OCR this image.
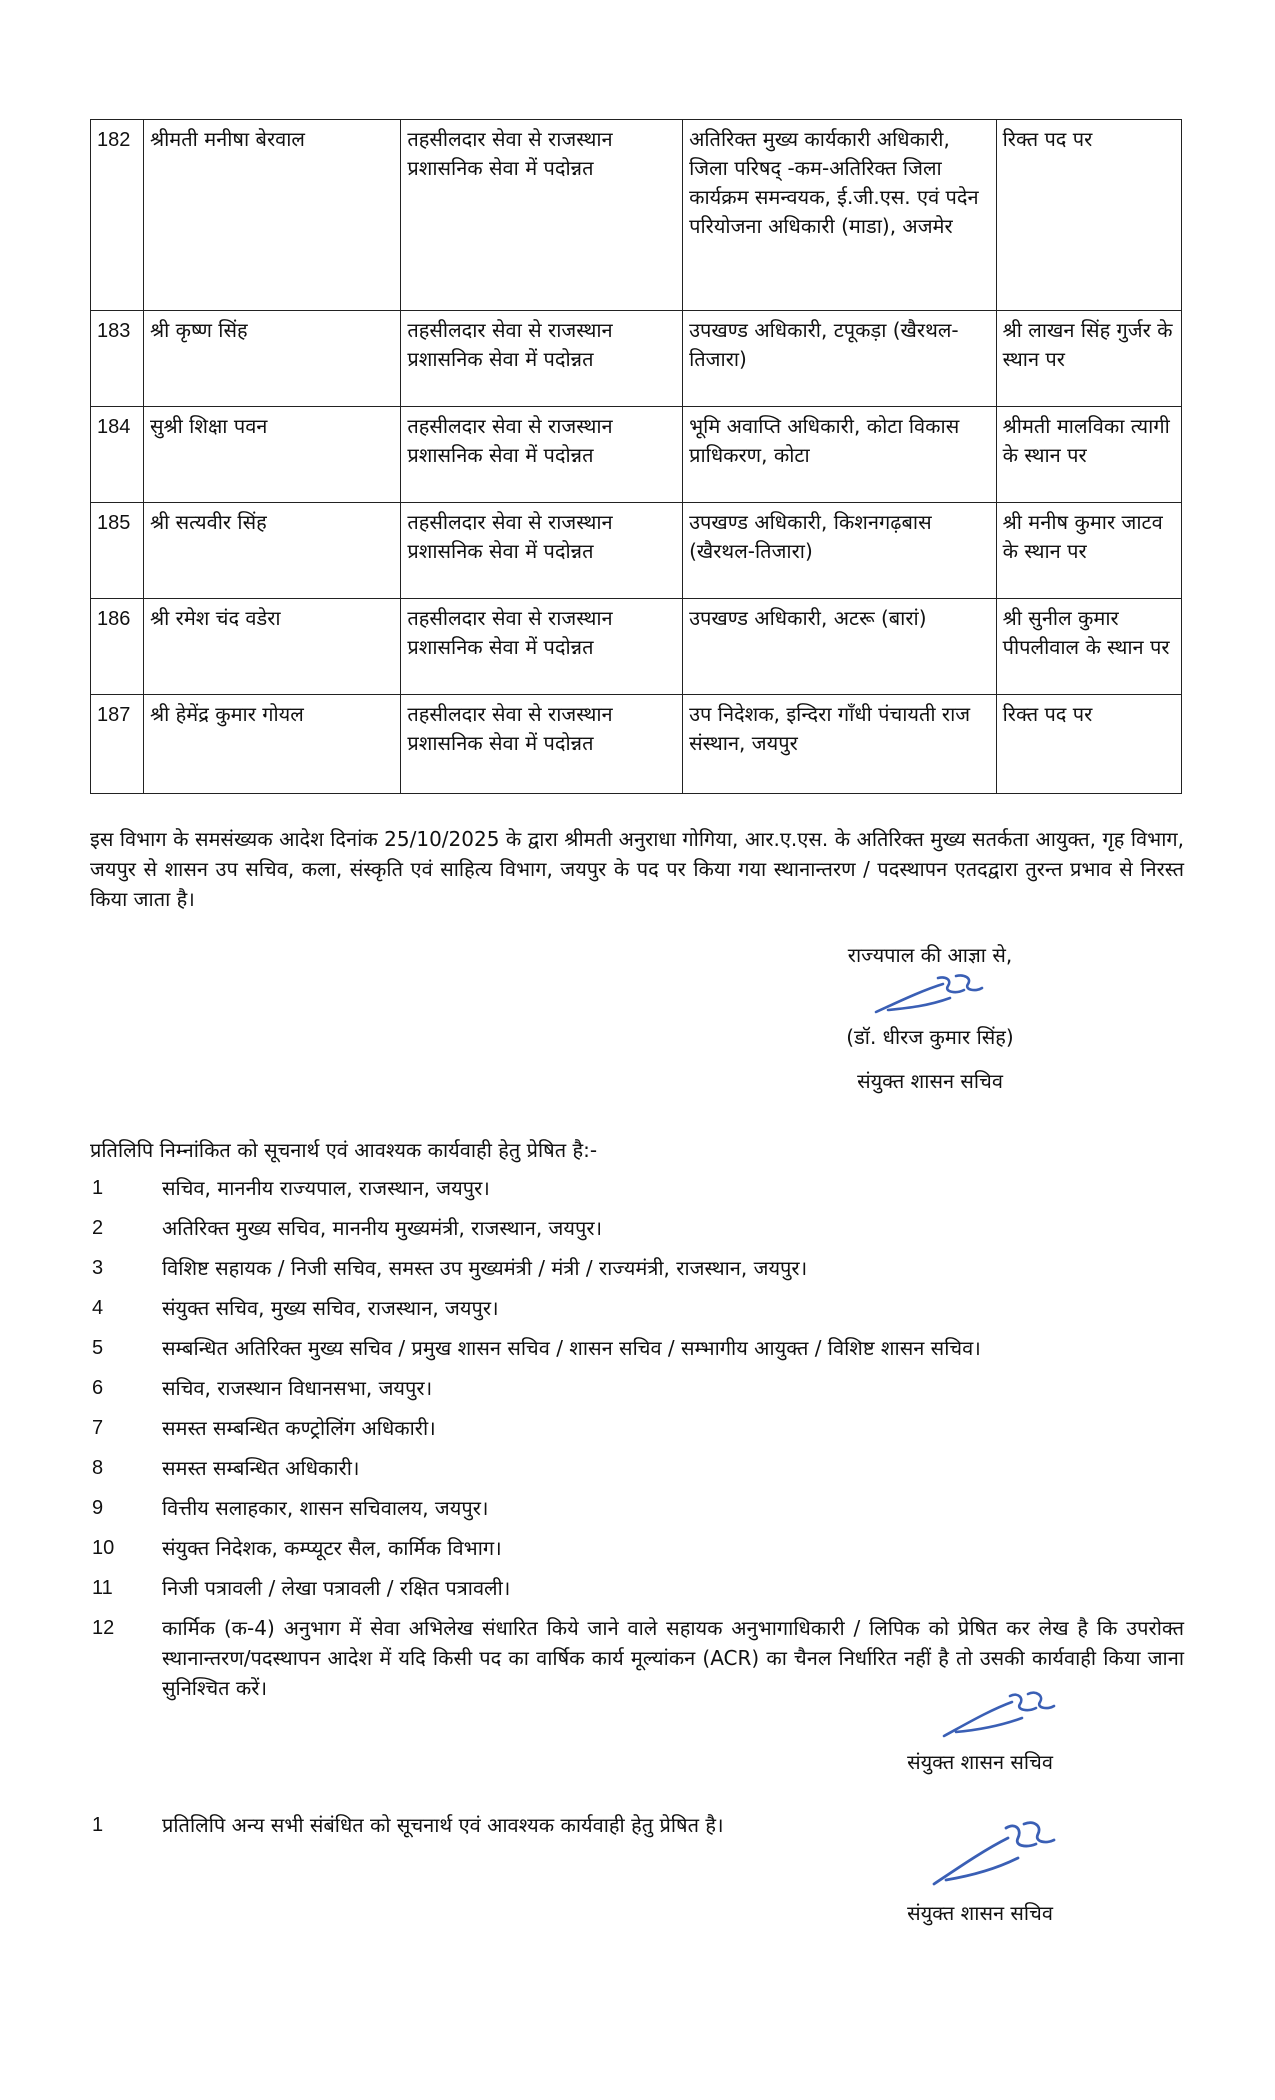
182	श्रीमती मनीषा बेरवाल	तहसीलदार सेवा से राजस्थान प्रशासनिक सेवा में पदोन्नत	अतिरिक्त मुख्य कार्यकारी अधिकारी, जिला परिषद् -कम-अतिरिक्त जिला कार्यक्रम समन्वयक, ई.जी.एस. एवं पदेन परियोजना अधिकारी (माडा), अजमेर	रिक्त पद पर
183	श्री कृष्ण सिंह	तहसीलदार सेवा से राजस्थान प्रशासनिक सेवा में पदोन्नत	उपखण्ड अधिकारी, टपूकड़ा (खैरथल-तिजारा)	श्री लाखन सिंह गुर्जर के स्थान पर
184	सुश्री शिक्षा पवन	तहसीलदार सेवा से राजस्थान प्रशासनिक सेवा में पदोन्नत	भूमि अवाप्ति अधिकारी, कोटा विकास प्राधिकरण, कोटा	श्रीमती मालविका त्यागी के स्थान पर
185	श्री सत्यवीर सिंह	तहसीलदार सेवा से राजस्थान प्रशासनिक सेवा में पदोन्नत	उपखण्ड अधिकारी, किशनगढ़बास (खैरथल-तिजारा)	श्री मनीष कुमार जाटव के स्थान पर
186	श्री रमेश चंद वडेरा	तहसीलदार सेवा से राजस्थान प्रशासनिक सेवा में पदोन्नत	उपखण्ड अधिकारी, अटरू (बारां)	श्री सुनील कुमार पीपलीवाल के स्थान पर
187	श्री हेमेंद्र कुमार गोयल	तहसीलदार सेवा से राजस्थान प्रशासनिक सेवा में पदोन्नत	उप निदेशक, इन्दिरा गाँधी पंचायती राज संस्थान, जयपुर	रिक्त पद पर
इस विभाग के समसंख्यक आदेश दिनांक 25/10/2025 के द्वारा श्रीमती अनुराधा गोगिया, आर.ए.एस. के अतिरिक्त मुख्य सतर्कता आयुक्त, गृह विभाग, जयपुर से शासन उप सचिव, कला, संस्कृति एवं साहित्य विभाग, जयपुर के पद पर किया गया स्थानान्तरण / पदस्थापन एतदद्वारा तुरन्त प्रभाव से निरस्त किया जाता है।
राज्यपाल की आज्ञा से,
(डॉ. धीरज कुमार सिंह)
संयुक्त शासन सचिव
प्रतिलिपि निम्नांकित को सूचनार्थ एवं आवश्यक कार्यवाही हेतु प्रेषित है:-
1	सचिव, माननीय राज्यपाल, राजस्थान, जयपुर।
2	अतिरिक्त मुख्य सचिव, माननीय मुख्यमंत्री, राजस्थान, जयपुर।
3	विशिष्ट सहायक / निजी सचिव, समस्त उप मुख्यमंत्री / मंत्री / राज्यमंत्री, राजस्थान, जयपुर।
4	संयुक्त सचिव, मुख्य सचिव, राजस्थान, जयपुर।
5	सम्बन्धित अतिरिक्त मुख्य सचिव / प्रमुख शासन सचिव / शासन सचिव / सम्भागीय आयुक्त / विशिष्ट शासन सचिव।
6	सचिव, राजस्थान विधानसभा, जयपुर।
7	समस्त सम्बन्धित कण्ट्रोलिंग अधिकारी।
8	समस्त सम्बन्धित अधिकारी।
9	वित्तीय सलाहकार, शासन सचिवालय, जयपुर।
10	संयुक्त निदेशक, कम्प्यूटर सैल, कार्मिक विभाग।
11	निजी पत्रावली / लेखा पत्रावली / रक्षित पत्रावली।
12	कार्मिक (क-4) अनुभाग में सेवा अभिलेख संधारित किये जाने वाले सहायक अनुभागाधिकारी / लिपिक को प्रेषित कर लेख है कि उपरोक्त स्थानान्तरण/पदस्थापन आदेश में यदि किसी पद का वार्षिक कार्य मूल्यांकन (ACR) का चैनल निर्धारित नहीं है तो उसकी कार्यवाही किया जाना सुनिश्चित करें।
संयुक्त शासन सचिव
1	प्रतिलिपि अन्य सभी संबंधित को सूचनार्थ एवं आवश्यक कार्यवाही हेतु प्रेषित है।
संयुक्त शासन सचिव
